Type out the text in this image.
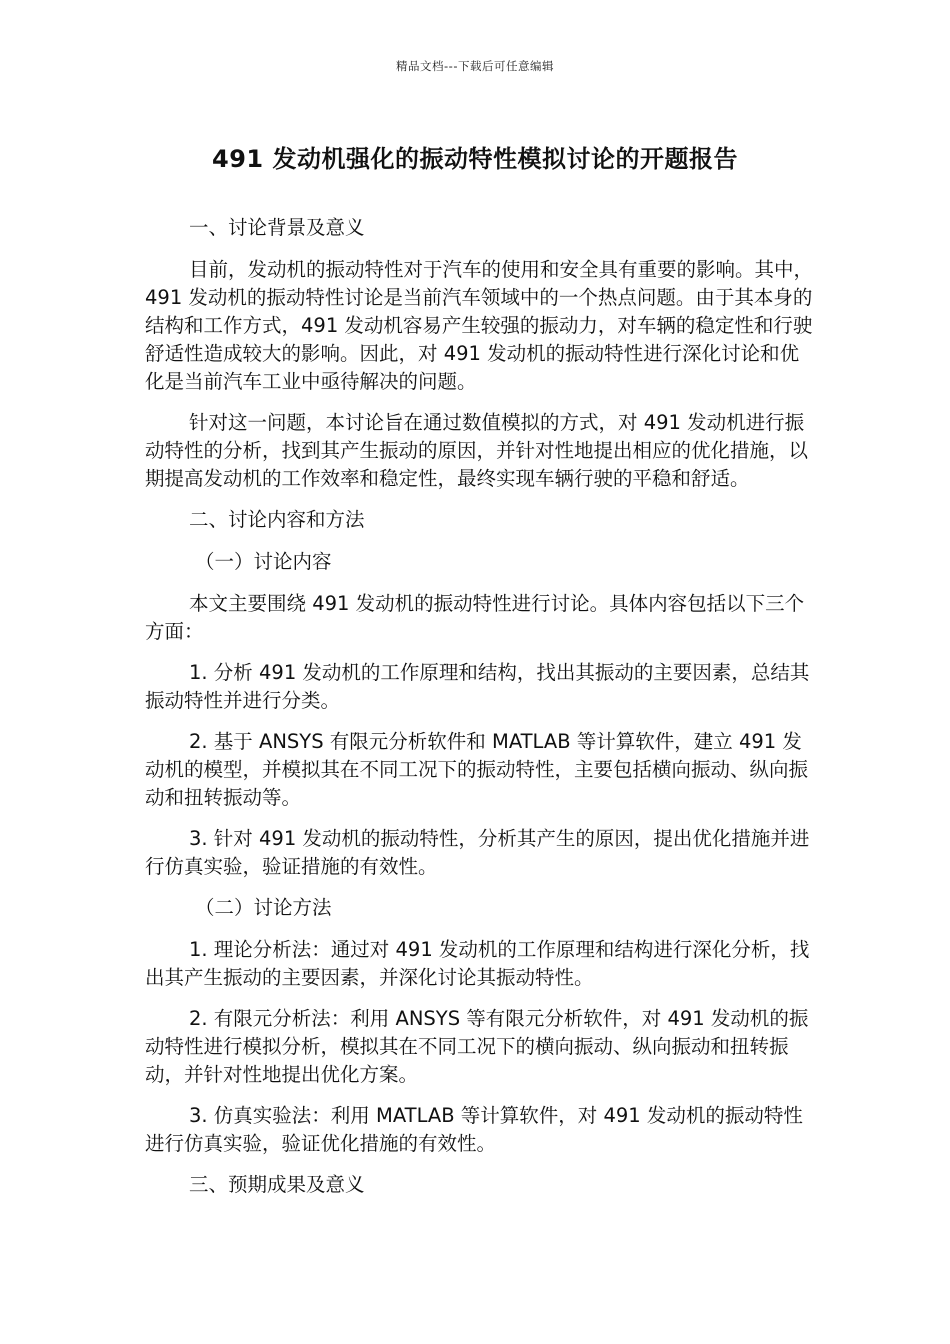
精品文档---下载后可任意编辑
491 发动机强化的振动特性模拟讨论的开题报告
一、讨论背景及意义
目前，发动机的振动特性对于汽车的使用和安全具有重要的影响。其中，491 发动机的振动特性讨论是当前汽车领域中的一个热点问题。由于其本身的结构和工作方式，491 发动机容易产生较强的振动力，对车辆的稳定性和行驶舒适性造成较大的影响。因此，对 491 发动机的振动特性进行深化讨论和优化是当前汽车工业中亟待解决的问题。
针对这一问题，本讨论旨在通过数值模拟的方式，对 491 发动机进行振动特性的分析，找到其产生振动的原因，并针对性地提出相应的优化措施，以期提高发动机的工作效率和稳定性，最终实现车辆行驶的平稳和舒适。
二、讨论内容和方法
（一）讨论内容
本文主要围绕 491 发动机的振动特性进行讨论。具体内容包括以下三个方面：
1. 分析 491 发动机的工作原理和结构，找出其振动的主要因素，总结其振动特性并进行分类。
2. 基于 ANSYS 有限元分析软件和 MATLAB 等计算软件，建立 491 发动机的模型，并模拟其在不同工况下的振动特性，主要包括横向振动、纵向振动和扭转振动等。
3. 针对 491 发动机的振动特性，分析其产生的原因，提出优化措施并进行仿真实验，验证措施的有效性。
（二）讨论方法
1. 理论分析法：通过对 491 发动机的工作原理和结构进行深化分析，找出其产生振动的主要因素，并深化讨论其振动特性。
2. 有限元分析法：利用 ANSYS 等有限元分析软件，对 491 发动机的振动特性进行模拟分析，模拟其在不同工况下的横向振动、纵向振动和扭转振动，并针对性地提出优化方案。
3. 仿真实验法：利用 MATLAB 等计算软件，对 491 发动机的振动特性进行仿真实验，验证优化措施的有效性。
三、预期成果及意义
